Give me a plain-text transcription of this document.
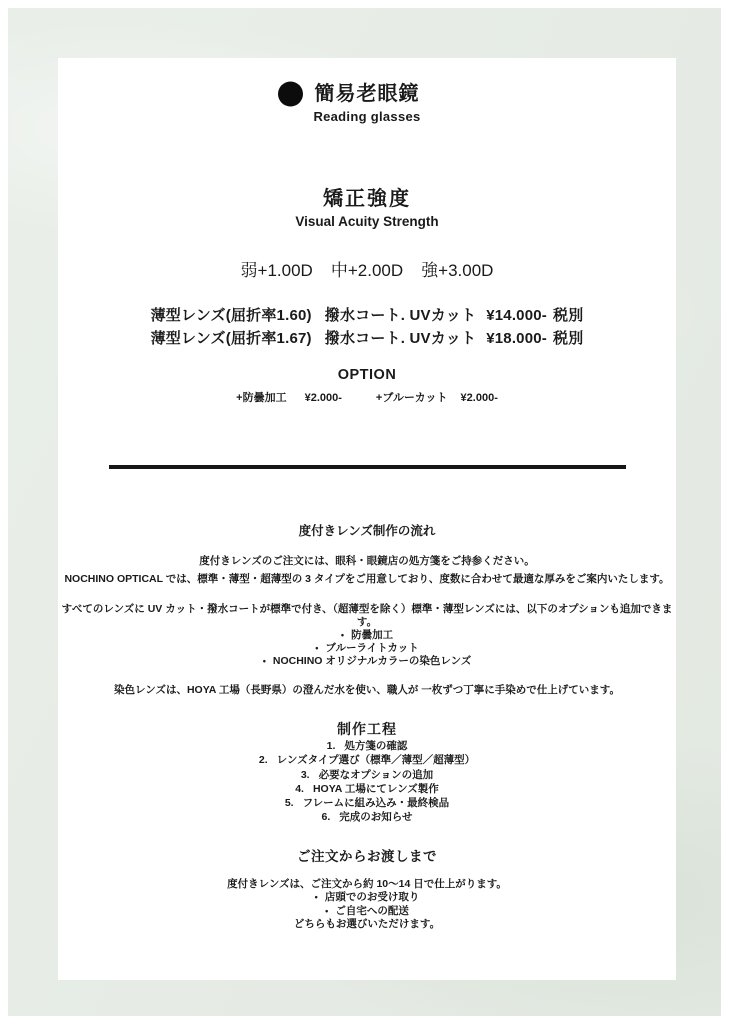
簡易老眼鏡
Reading glasses
矯正強度
Visual Acuity Strength
弱+1.00D 中+2.00D 強+3.00D
薄型レンズ(屈折率1.60) 撥水コート. UVカット ¥14.000- 税別
薄型レンズ(屈折率1.67) 撥水コート. UVカット ¥18.000- 税別
OPTION
+防曇加工 ¥2.000-	+ブルーカット ¥2.000-
度付きレンズ制作の流れ
度付きレンズのご注文には、眼科・眼鏡店の処方箋をご持参ください。
NOCHINO OPTICAL では、標準・薄型・超薄型の 3 タイプをご用意しており、度数に合わせて最適な厚みをご案内いたします。
すべてのレンズに UV カット・撥水コートが標準で付き、（超薄型を除く）標準・薄型レンズには、以下のオプションも追加できます。
• 防曇加工
• ブルーライトカット
• NOCHINO オリジナルカラーの染色レンズ
染色レンズは、HOYA 工場（長野県）の澄んだ水を使い、職人が 一枚ずつ丁寧に手染めで仕上げています。
制作工程
1. 処方箋の確認
2. レンズタイプ選び（標準／薄型／超薄型）
3. 必要なオプションの追加
4. HOYA 工場にてレンズ製作
5. フレームに組み込み・最終検品
6. 完成のお知らせ
ご注文からお渡しまで
度付きレンズは、ご注文から約 10〜14 日で仕上がります。
• 店頭でのお受け取り
• ご自宅への配送
どちらもお選びいただけます。
